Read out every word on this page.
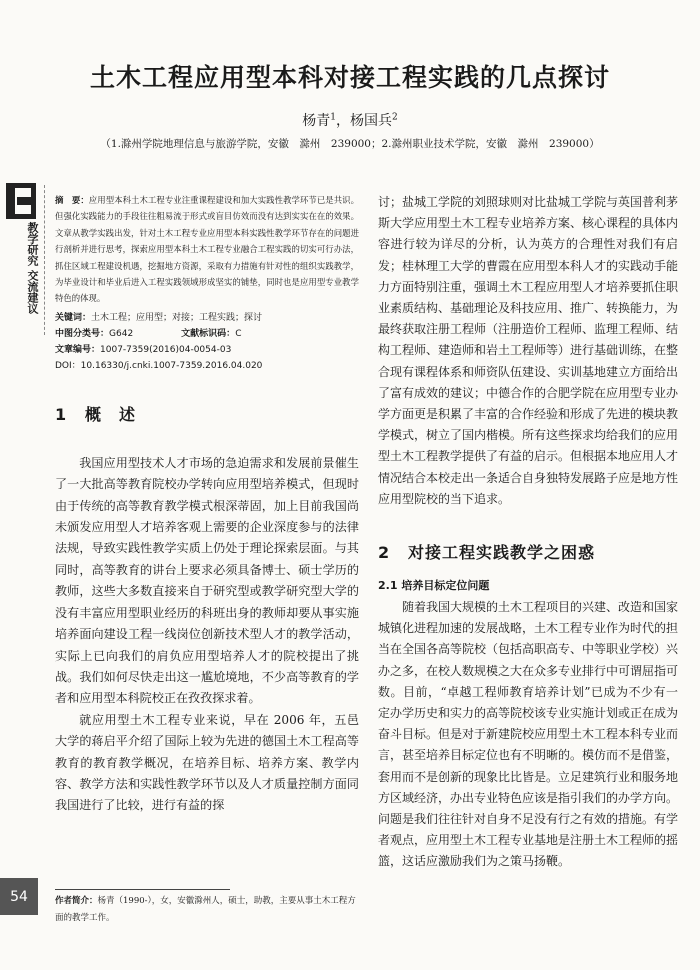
土木工程应用型本科对接工程实践的几点探讨
杨青$^1$，杨国兵$^2$
（1.滁州学院地理信息与旅游学院，安徽　滁州　239000；2.滁州职业技术学院，安徽　滁州　239000）
教学研究 交流建议

摘　要：应用型本科土木工程专业注重课程建设和加大实践性教学环节已是共识。但强化实践能力的手段往往粗易流于形式或盲目仿效而没有达到实实在在的效果。文章从教学实践出发，针对土木工程专业应用型本科实践性教学环节存在的问题进行剖析并进行思考，探索应用型本科土木工程专业融合工程实践的切实可行办法，抓住区域工程建设机遇，挖掘地方资源，采取有力措施有针对性的组织实践教学，为毕业设计和毕业后进入工程实践领域形成坚实的铺垫，同时也是应用型专业教学特色的体现。

关键词：土木工程；应用型；对接；工程实践；探讨
中图分类号：G642	文献标识码：C
文章编号：1007-7359(2016)04-0054-03
DOI：10.16330/j.cnki.1007-7359.2016.04.020
1 概　述

我国应用型技术人才市场的急迫需求和发展前景催生了一大批高等教育院校办学转向应用型培养模式，但现时由于传统的高等教育教学模式根深蒂固，加上目前我国尚未颁发应用型人才培养客观上需要的企业深度参与的法律法规，导致实践性教学实质上仍处于理论探索层面。与其同时，高等教育的讲台上要求必须具备博士、硕士学历的教师，这些大多数直接来自于研究型或教学研究型大学的没有丰富应用型职业经历的科班出身的教师却要从事实施培养面向建设工程一线岗位创新技术型人才的教学活动，实际上已向我们的肩负应用型培养人才的院校提出了挑战。我们如何尽快走出这一尴尬境地，不少高等教育的学者和应用型本科院校正在孜孜探求着。

就应用型土木工程专业来说，早在 2006 年，五邑大学的蒋启平介绍了国际上较为先进的德国土木工程高等教育的教育教学概况，在培养目标、培养方案、教学内容、教学方法和实践性教学环节以及人才质量控制方面同我国进行了比较，进行有益的探

讨；盐城工学院的刘照球则对比盐城工学院与英国普利茅斯大学应用型土木工程专业培养方案、核心课程的具体内容进行较为详尽的分析，认为英方的合理性对我们有启发；桂林理工大学的曹霞在应用型本科人才的实践动手能力方面特别注重，强调土木工程应用型人才培养要抓住职业素质结构、基础理论及科技应用、推广、转换能力，为最终获取注册工程师（注册造价工程师、监理工程师、结构工程师、建造师和岩土工程师等）进行基础训练，在整合现有课程体系和师资队伍建设、实训基地建立方面给出了富有成效的建议；中德合作的合肥学院在应用型专业办学方面更是积累了丰富的合作经验和形成了先进的模块教学模式，树立了国内楷模。所有这些探求均给我们的应用型土木工程教学提供了有益的启示。但根据本地应用人才情况结合本校走出一条适合自身独特发展路子应是地方性应用型院校的当下追求。

2 对接工程实践教学之困惑
2.1 培养目标定位问题

随着我国大规模的土木工程项目的兴建、改造和国家城镇化进程加速的发展战略，土木工程专业作为时代的担当在全国各高等院校（包括高职高专、中等职业学校）兴办之多，在校人数规模之大在众多专业排行中可谓屈指可数。目前，“卓越工程师教育培养计划”已成为不少有一定办学历史和实力的高等院校该专业实施计划或正在成为奋斗目标。但是对于新建院校应用型土木工程本科专业而言，甚至培养目标定位也有不明晰的。模仿而不是借鉴，套用而不是创新的现象比比皆是。立足建筑行业和服务地方区域经济，办出专业特色应该是指引我们的办学方向。问题是我们往往针对自身不足没有行之有效的措施。有学者观点，应用型土木工程专业基地是注册土木工程师的摇篮，这话应激励我们为之策马扬鞭。

作者简介：杨青（1990-），女，安徽滁州人，硕士，助教，主要从事土木工程方面的教学工作。
54
